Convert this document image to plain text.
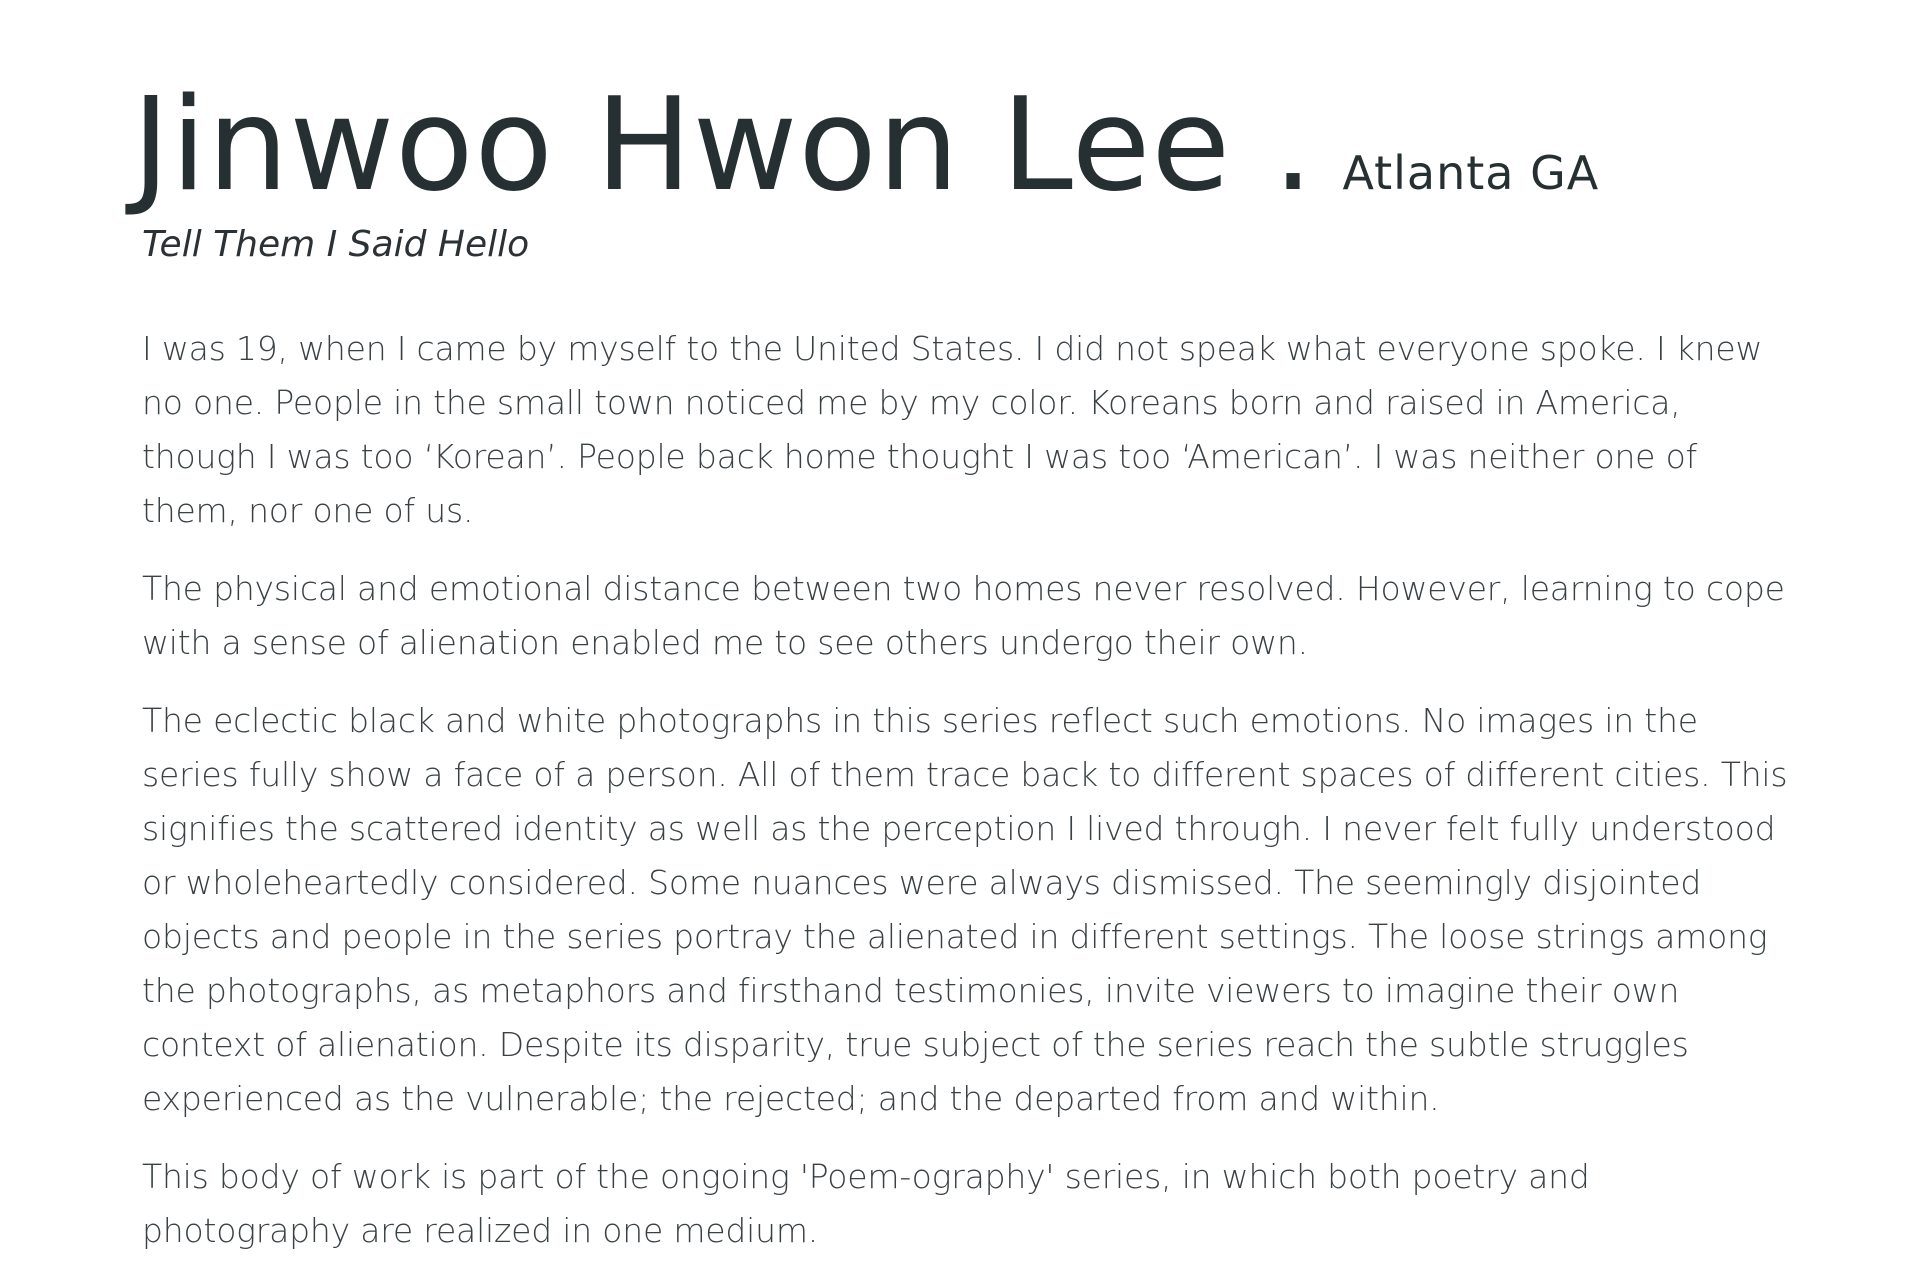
Jinwoo Hwon Lee . Atlanta GA
Tell Them I Said Hello

I was 19, when I came by myself to the United States. I did not speak what everyone spoke. I knew no one. People in the small town noticed me by my color. Koreans born and raised in America, though I was too ‘Korean’. People back home thought I was too ‘American’. I was neither one of them, nor one of us.

The physical and emotional distance between two homes never resolved. However, learning to cope with a sense of alienation enabled me to see others undergo their own.

The eclectic black and white photographs in this series reflect such emotions. No images in the series fully show a face of a person. All of them trace back to different spaces of different cities. This signifies the scattered identity as well as the perception I lived through. I never felt fully understood or wholeheartedly considered. Some nuances were always dismissed. The seemingly disjointed objects and people in the series portray the alienated in different settings. The loose strings among the photographs, as metaphors and firsthand testimonies, invite viewers to imagine their own context of alienation. Despite its disparity, true subject of the series reach the subtle struggles experienced as the vulnerable; the rejected; and the departed from and within.

This body of work is part of the ongoing 'Poem-ography' series, in which both poetry and photography are realized in one medium.
